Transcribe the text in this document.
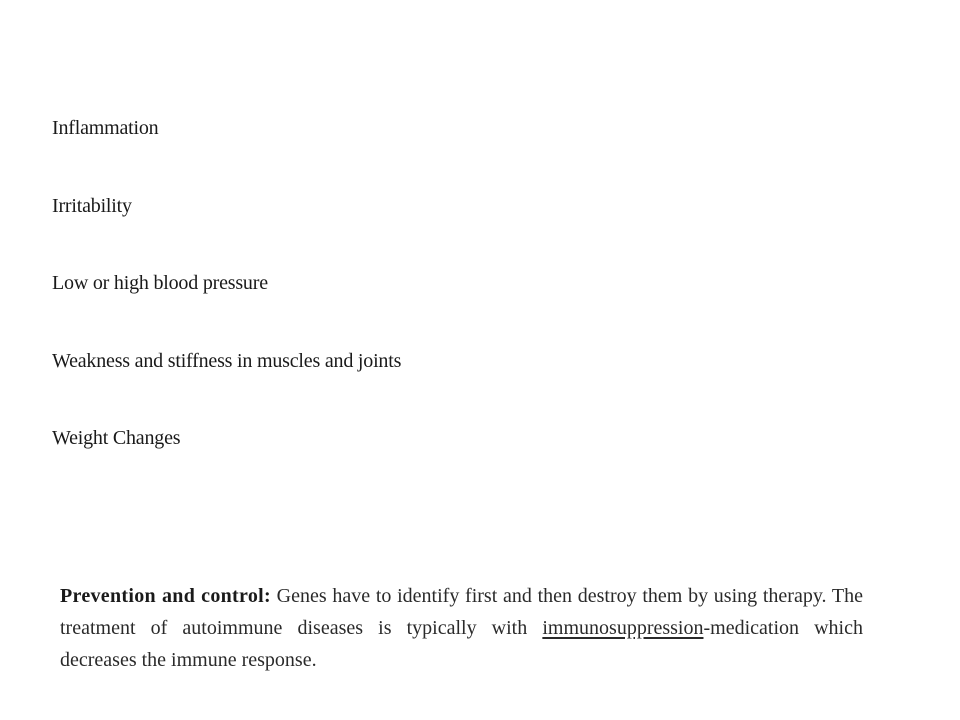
Inflammation
Irritability
Low or high blood pressure
Weakness and stiffness in muscles and joints
Weight Changes

Prevention and control: Genes have to identify first and then destroy them by using therapy. The treatment of autoimmune diseases is typically with immunosuppression-medication which decreases the immune response.
